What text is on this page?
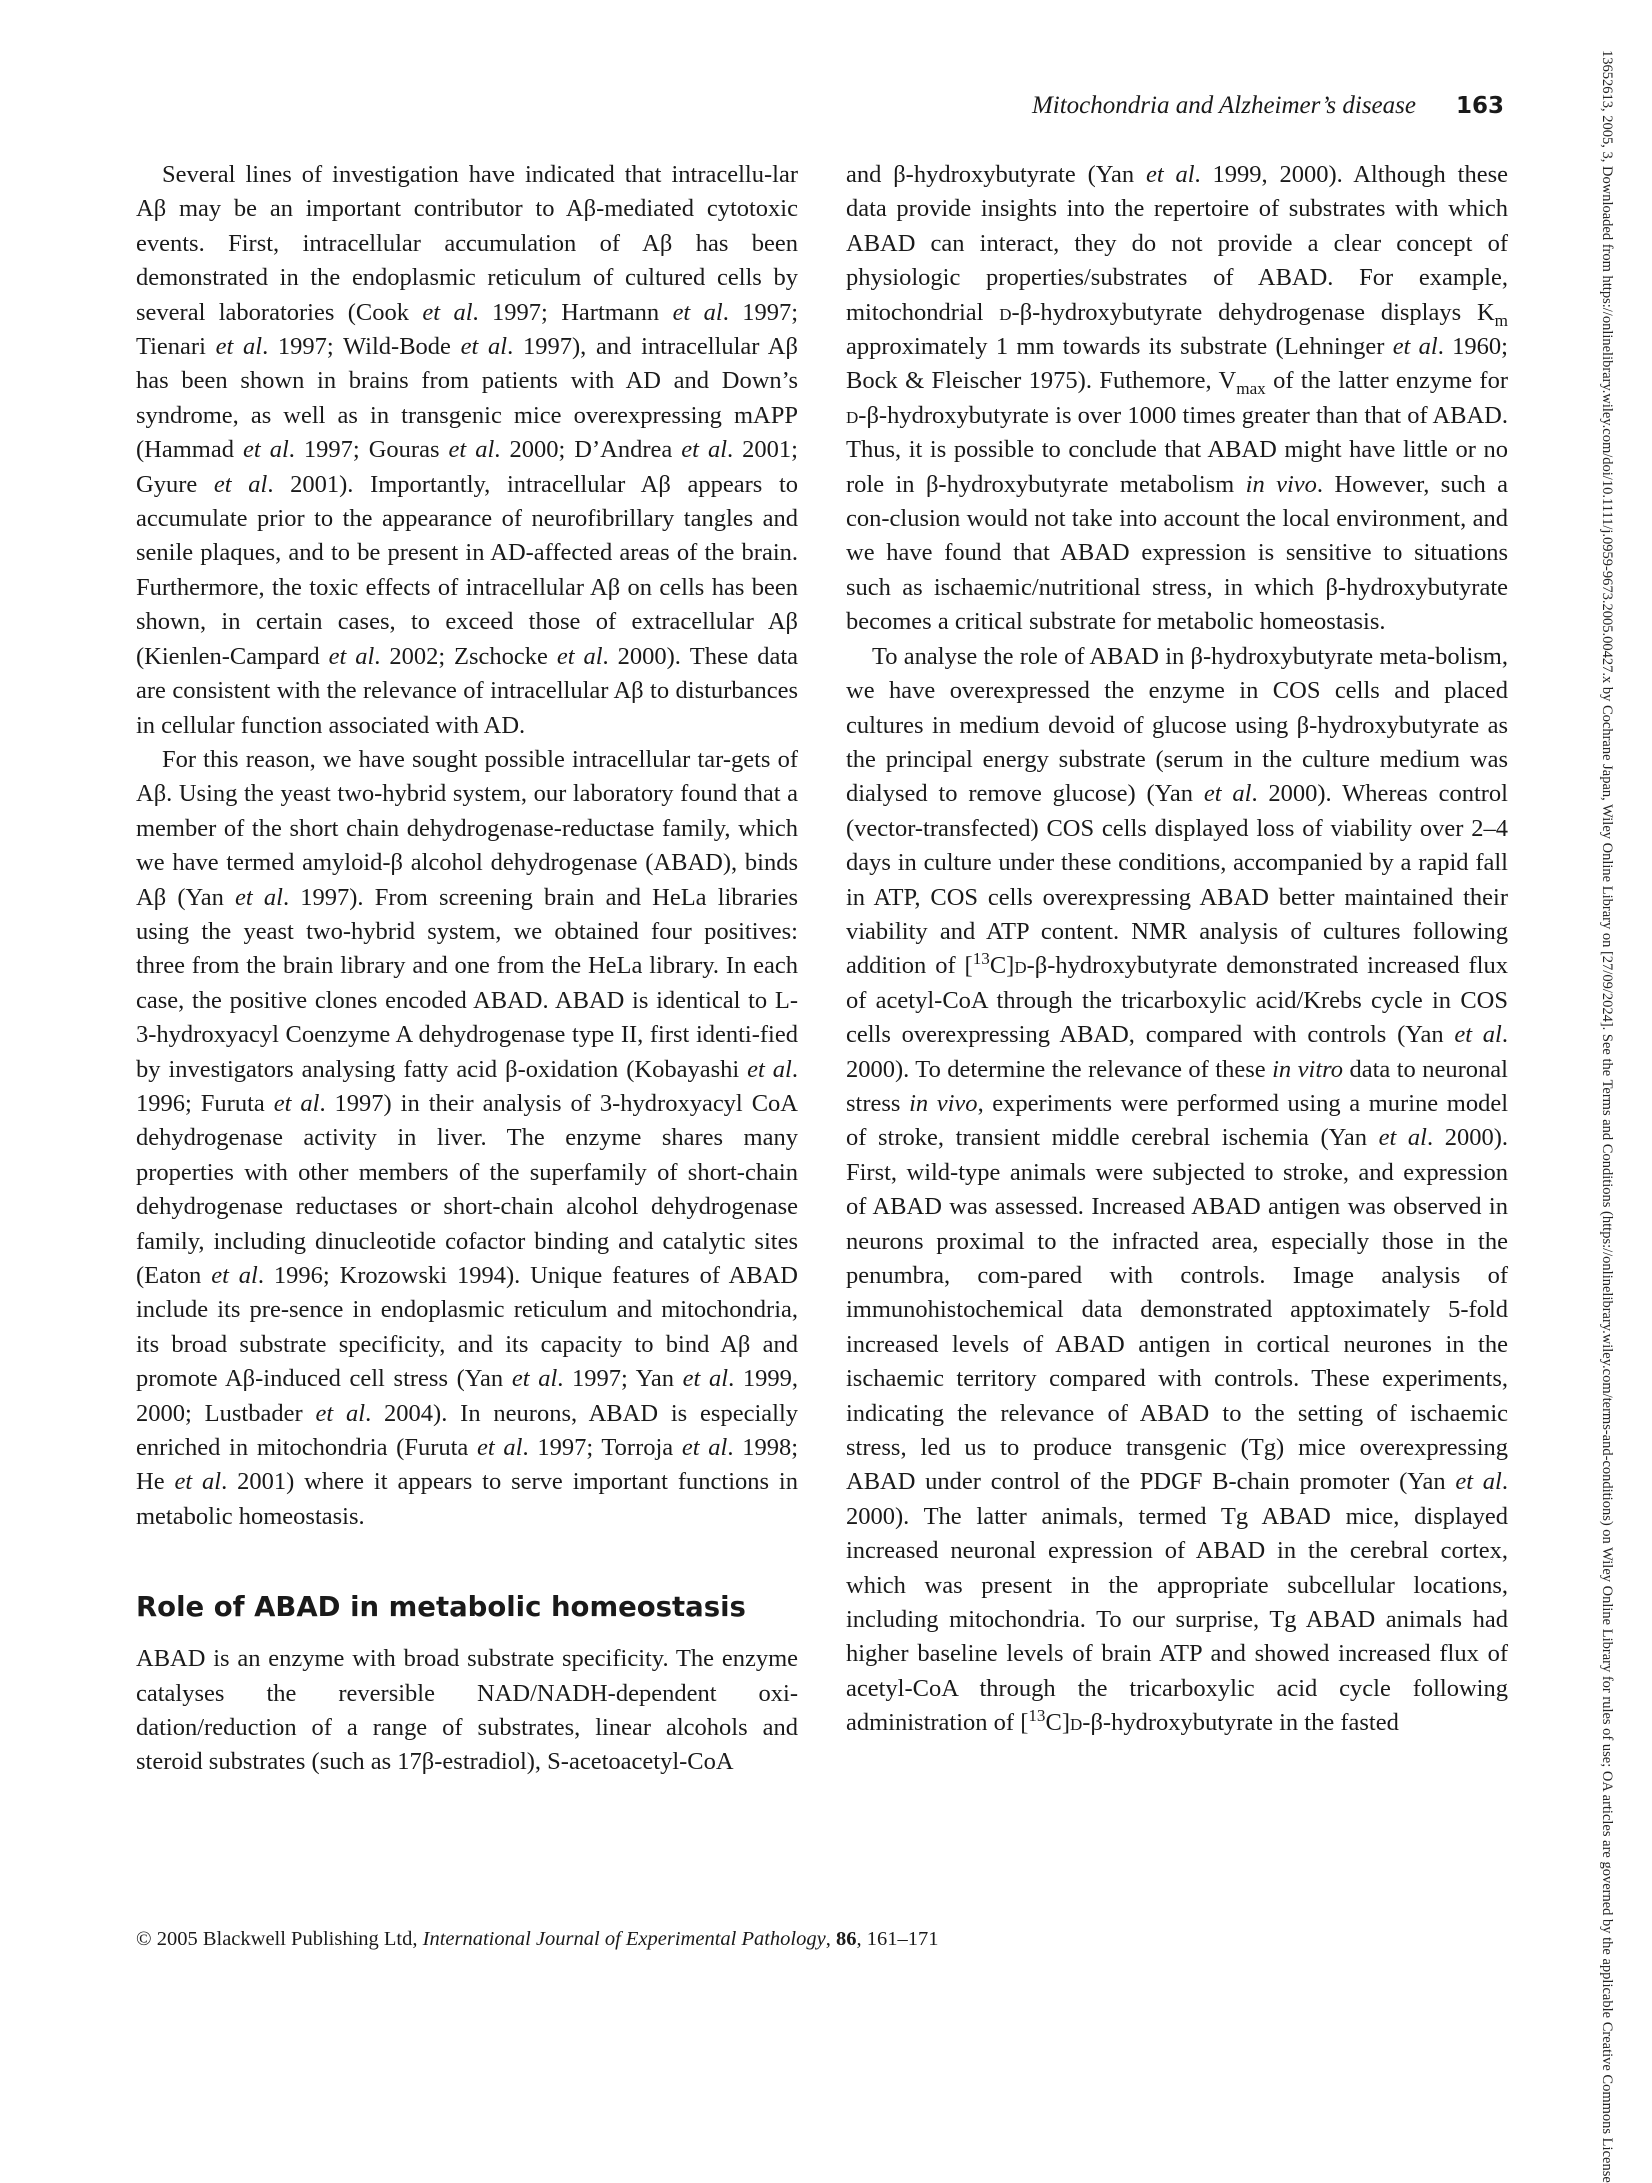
Mitochondria and Alzheimer’s disease 163

Several lines of investigation have indicated that intracellu-lar Aβ may be an important contributor to Aβ-mediated cytotoxic events. First, intracellular accumulation of Aβ has been demonstrated in the endoplasmic reticulum of cultured cells by several laboratories (Cook et al. 1997; Hartmann et al. 1997; Tienari et al. 1997; Wild-Bode et al. 1997), and intracellular Aβ has been shown in brains from patients with AD and Down’s syndrome, as well as in transgenic mice overexpressing mAPP (Hammad et al. 1997; Gouras et al. 2000; D’Andrea et al. 2001; Gyure et al. 2001). Importantly, intracellular Aβ appears to accumulate prior to the appearance of neurofibrillary tangles and senile plaques, and to be present in AD-affected areas of the brain. Furthermore, the toxic effects of intracellular Aβ on cells has been shown, in certain cases, to exceed those of extracellular Aβ (Kienlen-Campard et al. 2002; Zschocke et al. 2000). These data are consistent with the relevance of intracellular Aβ to disturbances in cellular function associated with AD.

For this reason, we have sought possible intracellular tar-gets of Aβ. Using the yeast two-hybrid system, our laboratory found that a member of the short chain dehydrogenase-reductase family, which we have termed amyloid-β alcohol dehydrogenase (ABAD), binds Aβ (Yan et al. 1997). From screening brain and HeLa libraries using the yeast two-hybrid system, we obtained four positives: three from the brain library and one from the HeLa library. In each case, the positive clones encoded ABAD. ABAD is identical to L-3-hydroxyacyl Coenzyme A dehydrogenase type II, first identi-fied by investigators analysing fatty acid β-oxidation (Kobayashi et al. 1996; Furuta et al. 1997) in their analysis of 3-hydroxyacyl CoA dehydrogenase activity in liver. The enzyme shares many properties with other members of the superfamily of short-chain dehydrogenase reductases or short-chain alcohol dehydrogenase family, including dinucleotide cofactor binding and catalytic sites (Eaton et al. 1996; Krozowski 1994). Unique features of ABAD include its pre-sence in endoplasmic reticulum and mitochondria, its broad substrate specificity, and its capacity to bind Aβ and promote Aβ-induced cell stress (Yan et al. 1997; Yan et al. 1999, 2000; Lustbader et al. 2004). In neurons, ABAD is especially enriched in mitochondria (Furuta et al. 1997; Torroja et al. 1998; He et al. 2001) where it appears to serve important functions in metabolic homeostasis.

Role of ABAD in metabolic homeostasis

ABAD is an enzyme with broad substrate specificity. The enzyme catalyses the reversible NAD/NADH-dependent oxi-dation/reduction of a range of substrates, linear alcohols and steroid substrates (such as 17β-estradiol), S-acetoacetyl-CoA

and β-hydroxybutyrate (Yan et al. 1999, 2000). Although these data provide insights into the repertoire of substrates with which ABAD can interact, they do not provide a clear concept of physiologic properties/substrates of ABAD. For example, mitochondrial d-β-hydroxybutyrate dehydrogenase displays $K_m$ approximately 1 mm towards its substrate (Lehninger et al. 1960; Bock & Fleischer 1975). Futhemore, $V_{max}$ of the latter enzyme for d-β-hydroxybutyrate is over 1000 times greater than that of ABAD. Thus, it is possible to conclude that ABAD might have little or no role in β-hydroxybutyrate metabolism in vivo. However, such a con-clusion would not take into account the local environment, and we have found that ABAD expression is sensitive to situations such as ischaemic/nutritional stress, in which β-hydroxybutyrate becomes a critical substrate for metabolic homeostasis.

To analyse the role of ABAD in β-hydroxybutyrate meta-bolism, we have overexpressed the enzyme in COS cells and placed cultures in medium devoid of glucose using β-hydroxybutyrate as the principal energy substrate (serum in the culture medium was dialysed to remove glucose) (Yan et al. 2000). Whereas control (vector-transfected) COS cells displayed loss of viability over 2–4 days in culture under these conditions, accompanied by a rapid fall in ATP, COS cells overexpressing ABAD better maintained their viability and ATP content. NMR analysis of cultures following addition of [$^{13}$C]d-β-hydroxybutyrate demonstrated increased flux of acetyl-CoA through the tricarboxylic acid/Krebs cycle in COS cells overexpressing ABAD, compared with controls (Yan et al. 2000). To determine the relevance of these in vitro data to neuronal stress in vivo, experiments were performed using a murine model of stroke, transient middle cerebral ischemia (Yan et al. 2000). First, wild-type animals were subjected to stroke, and expression of ABAD was assessed. Increased ABAD antigen was observed in neurons proximal to the infracted area, especially those in the penumbra, com-pared with controls. Image analysis of immunohistochemical data demonstrated apptoximately 5-fold increased levels of ABAD antigen in cortical neurones in the ischaemic territory compared with controls. These experiments, indicating the relevance of ABAD to the setting of ischaemic stress, led us to produce transgenic (Tg) mice overexpressing ABAD under control of the PDGF B-chain promoter (Yan et al. 2000). The latter animals, termed Tg ABAD mice, displayed increased neuronal expression of ABAD in the cerebral cortex, which was present in the appropriate subcellular locations, including mitochondria. To our surprise, Tg ABAD animals had higher baseline levels of brain ATP and showed increased flux of acetyl-CoA through the tricarboxylic acid cycle following administration of [$^{13}$C]d-β-hydroxybutyrate in the fasted

© 2005 Blackwell Publishing Ltd, International Journal of Experimental Pathology, 86, 161–171	13652613, 2005, 3, Downloaded from https://onlinelibrary.wiley.com/doi/10.1111/j.0959-9673.2005.00427.x by Cochrane Japan, Wiley Online Library on [27/09/2024]. See the Terms and Conditions (https://onlinelibrary.wiley.com/terms-and-conditions) on Wiley Online Library for rules of use; OA articles are governed by the applicable Creative Commons License
